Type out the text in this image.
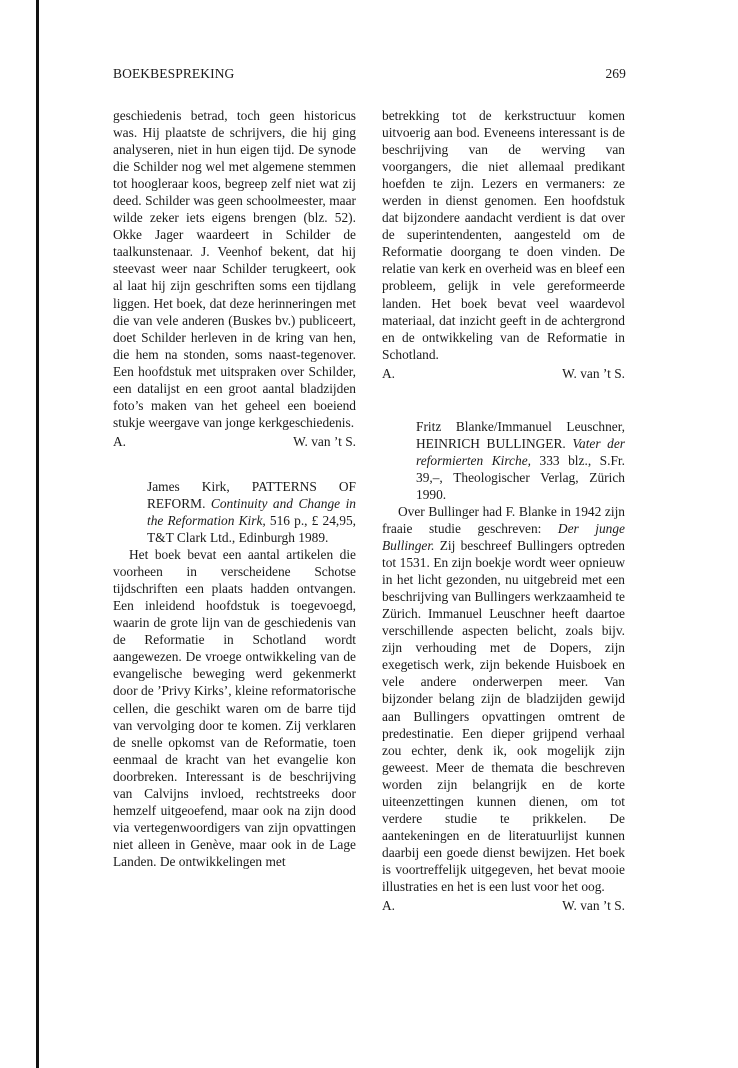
BOEKBESPREKING	269

geschiedenis betrad, toch geen historicus was. Hij plaatste de schrijvers, die hij ging analyseren, niet in hun eigen tijd. De synode die Schilder nog wel met algemene stemmen tot hoogleraar koos, begreep zelf niet wat zij deed. Schilder was geen schoolmeester, maar wilde zeker iets eigens brengen (blz. 52). Okke Jager waardeert in Schilder de taalkunstenaar. J. Veenhof bekent, dat hij steevast weer naar Schilder terugkeert, ook al laat hij zijn geschriften soms een tijdlang liggen. Het boek, dat deze herinneringen met die van vele anderen (Buskes bv.) publiceert, doet Schilder herleven in de kring van hen, die hem na stonden, soms naast-tegenover. Een hoofdstuk met uitspraken over Schilder, een datalijst en een groot aantal bladzijden foto’s maken van het geheel een boeiend stukje weergave van jonge kerkgeschiedenis.

A.	W. van ’t S.

James Kirk, PATTERNS OF REFORM. Continuity and Change in the Reformation Kirk, 516 p., £ 24,95, T&T Clark Ltd., Edinburgh 1989.

Het boek bevat een aantal artikelen die voorheen in verscheidene Schotse tijdschriften een plaats hadden ontvangen. Een inleidend hoofdstuk is toegevoegd, waarin de grote lijn van de geschiedenis van de Reformatie in Schotland wordt aangewezen. De vroege ontwikkeling van de evangelische beweging werd gekenmerkt door de ’Privy Kirks’, kleine reformatorische cellen, die geschikt waren om de barre tijd van vervolging door te komen. Zij verklaren de snelle opkomst van de Reformatie, toen eenmaal de kracht van het evangelie kon doorbreken. Interessant is de beschrijving van Calvijns invloed, rechtstreeks door hemzelf uitgeoefend, maar ook na zijn dood via vertegenwoordigers van zijn opvattingen niet alleen in Genève, maar ook in de Lage Landen. De ontwikkelingen met

betrekking tot de kerkstructuur komen uitvoerig aan bod. Eveneens interessant is de beschrijving van de werving van voorgangers, die niet allemaal predikant hoefden te zijn. Lezers en vermaners: ze werden in dienst genomen. Een hoofdstuk dat bijzondere aandacht verdient is dat over de superintendenten, aangesteld om de Reformatie doorgang te doen vinden. De relatie van kerk en overheid was en bleef een probleem, gelijk in vele gereformeerde landen. Het boek bevat veel waardevol materiaal, dat inzicht geeft in de achtergrond en de ontwikkeling van de Reformatie in Schotland.

A.	W. van ’t S.

Fritz Blanke/Immanuel Leuschner, HEINRICH BULLINGER. Vater der reformierten Kirche, 333 blz., S.Fr. 39,–, Theologischer Verlag, Zürich 1990.

Over Bullinger had F. Blanke in 1942 zijn fraaie studie geschreven: Der junge Bullinger. Zij beschreef Bullingers optreden tot 1531. En zijn boekje wordt weer opnieuw in het licht gezonden, nu uitgebreid met een beschrijving van Bullingers werkzaamheid te Zürich. Immanuel Leuschner heeft daartoe verschillende aspecten belicht, zoals bijv. zijn verhouding met de Dopers, zijn exegetisch werk, zijn bekende Huisboek en vele andere onderwerpen meer. Van bijzonder belang zijn de bladzijden gewijd aan Bullingers opvattingen omtrent de predestinatie. Een dieper grijpend verhaal zou echter, denk ik, ook mogelijk zijn geweest. Meer de themata die beschreven worden zijn belangrijk en de korte uiteenzettingen kunnen dienen, om tot verdere studie te prikkelen. De aantekeningen en de literatuurlijst kunnen daarbij een goede dienst bewijzen. Het boek is voortreffelijk uitgegeven, het bevat mooie illustraties en het is een lust voor het oog.

A.	W. van ’t S.
